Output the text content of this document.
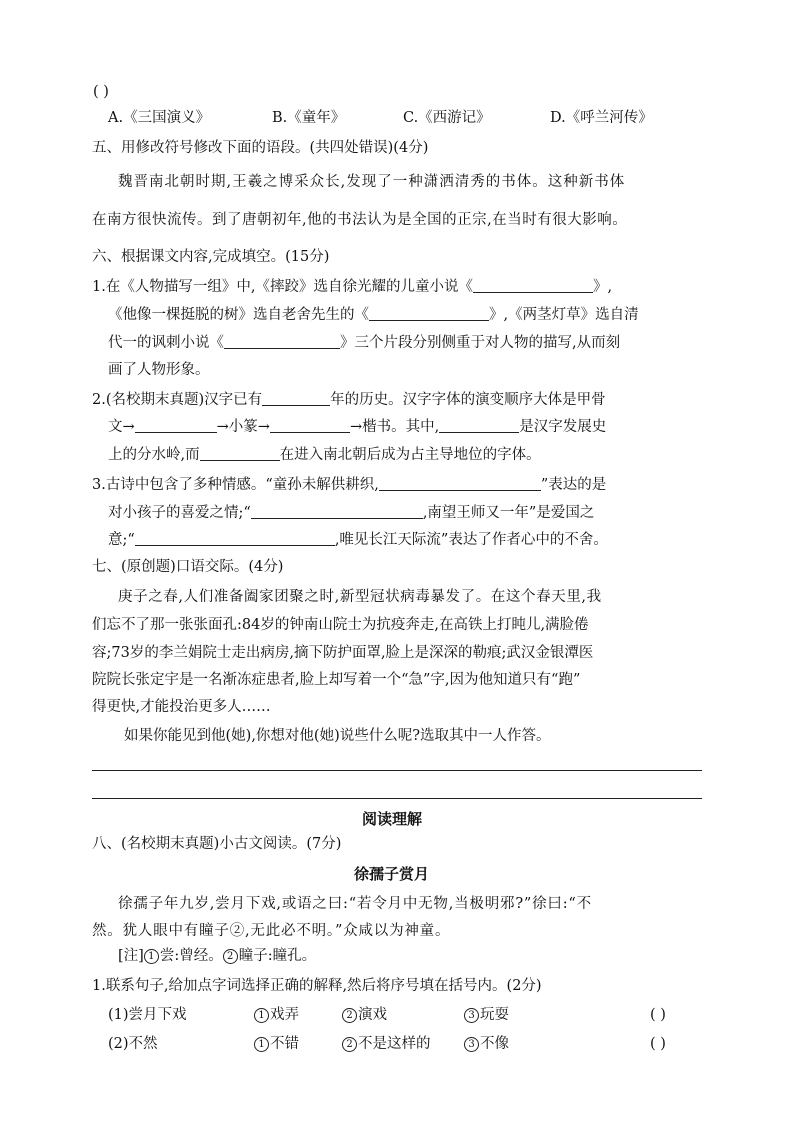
( )
A.《三国演义》	B.《童年》	C.《西游记》	D.《呼兰河传》
五、用修改符号修改下面的语段。(共四处错误)(4分)
魏晋南北朝时期,王羲之博采众长,发现了一种潇洒清秀的书体。这种新书体
在南方很快流传。到了唐朝初年,他的书法认为是全国的正宗,在当时有很大影响。
六、根据课文内容,完成填空。(15分)
1.在《人物描写一组》中,《摔跤》选自徐光耀的儿童小说《	》,
《他像一棵挺脱的树》选自老舍先生的《	》,《两茎灯草》选自清
代一的讽刺小说《	》三个片段分别侧重于对人物的描写,从而刻
画了人物形象。
2.(名校期末真题)汉字已有	年的历史。汉字字体的演变顺序大体是甲骨
文→	→小篆→	→楷书。其中,	是汉字发展史
上的分水岭,而	在进入南北朝后成为占主导地位的字体。
3.古诗中包含了多种情感。“童孙未解供耕织,	”表达的是
对小孩子的喜爱之情;“	,南望王师又一年”是爱国之
意;“	,唯见长江天际流”表达了作者心中的不舍。
七、(原创题)口语交际。(4分)
庚子之春,人们准备阖家团聚之时,新型冠状病毒暴发了。在这个春天里,我
们忘不了那一张张面孔:84岁的钟南山院士为抗疫奔走,在高铁上打盹儿,满脸倦
容;73岁的李兰娟院士走出病房,摘下防护面罩,脸上是深深的勒痕;武汉金银潭医
院院长张定宇是一名渐冻症患者,脸上却写着一个“急”字,因为他知道只有“跑”
得更快,才能投治更多人……
如果你能见到他(她),你想对他(她)说些什么呢?选取其中一人作答。
阅读理解
八、(名校期末真题)小古文阅读。(7分)
徐孺子赏月
徐孺子年九岁,尝月下戏,或语之曰:“若令月中无物,当极明邪?”徐曰:“不
然。犹人眼中有瞳子②,无此必不明。”众咸以为神童。
[注] 1 尝:曾经。 2 瞳子:瞳孔。
1.联系句子,给加点字词选择正确的解释,然后将序号填在括号内。(2分)
(1)尝月下戏	1 戏弄	2 演戏	3 玩耍	( )
(2)不然	1 不错	2 不是这样的	3 不像	( )
